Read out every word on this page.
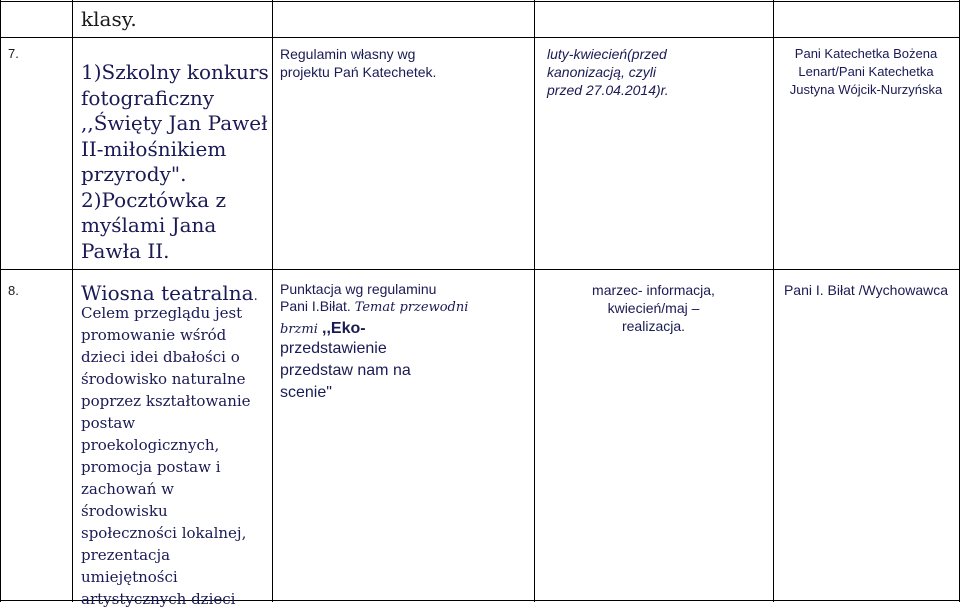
klasy.
7.
1)Szkolny konkurs
fotograficzny
,,Święty Jan Paweł
II-miłośnikiem
przyrody".
2)Pocztówka z
myślami Jana
Pawła II.
Regulamin własny wg
projektu Pań Katechetek.
luty-kwiecień(przed
kanonizacją, czyli
przed 27.04.2014)r.
Pani Katechetka Bożena
Lenart/Pani Katechetka
Justyna Wójcik-Nurzyńska
8.	Wiosna teatralna.
Celem przeglądu jest
promowanie wśród
dzieci idei dbałości o
środowisko naturalne
poprzez kształtowanie
postaw
proekologicznych,
promocja postaw i
zachowań w
środowisku
społeczności lokalnej,
prezentacja
umiejętności
artystycznych dzieci
Punktacja wg regulaminu
Pani I.Biłat. Temat przewodni
brzmi ,,Eko-
przedstawienie
przedstaw nam na
scenie"
marzec- informacja,
kwiecień/maj –
realizacja.
Pani I. Biłat /Wychowawca
